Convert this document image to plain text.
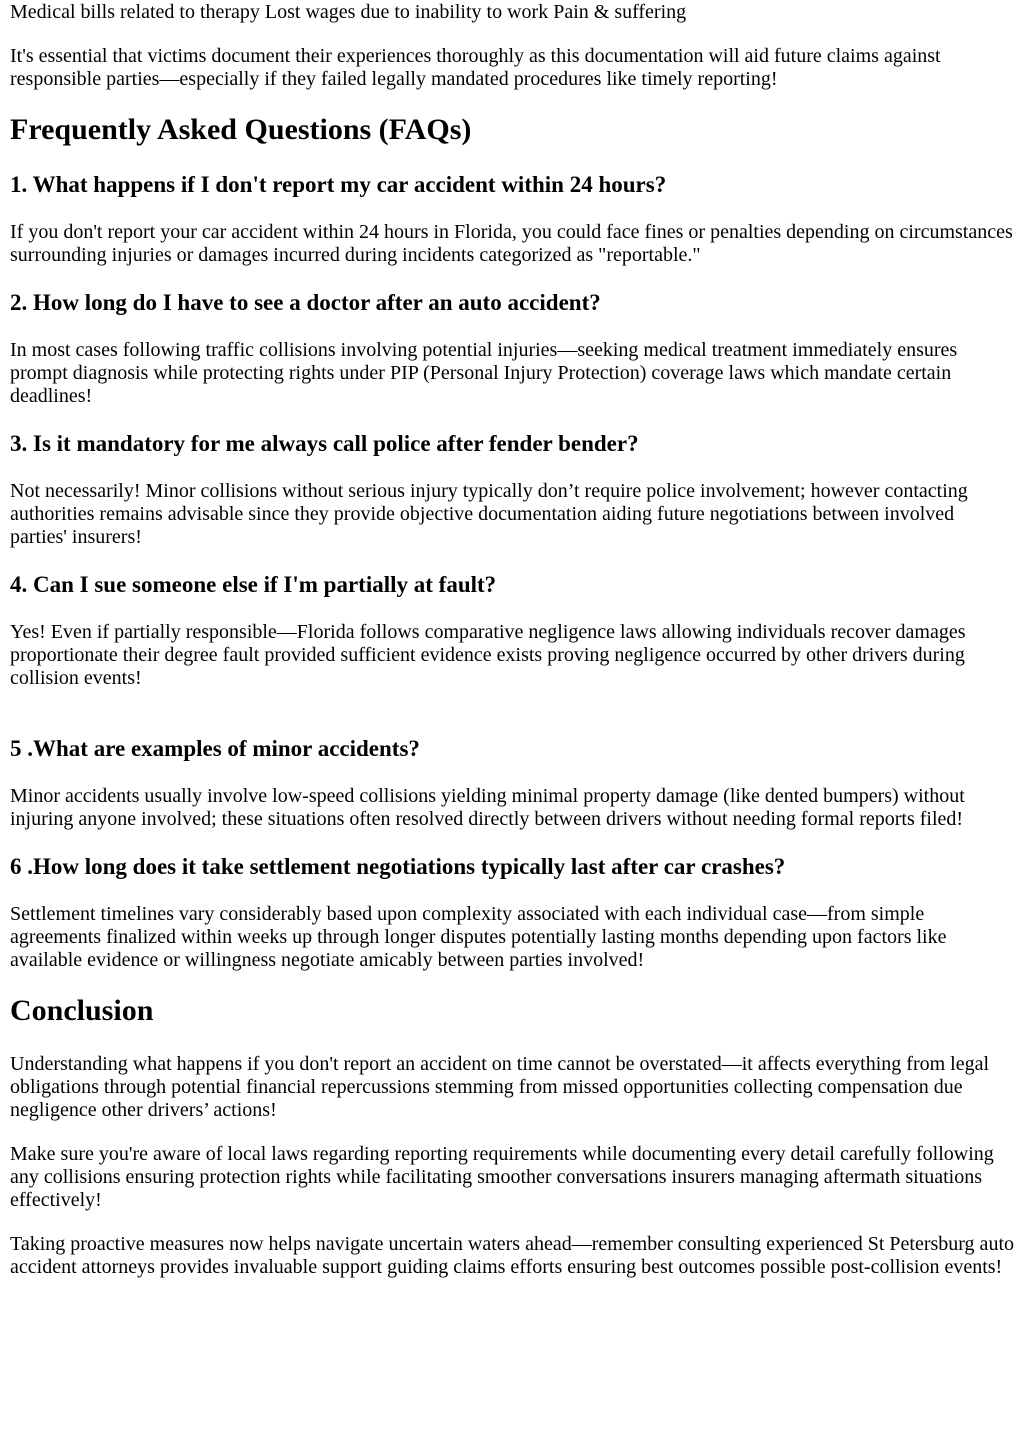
Medical bills related to therapy Lost wages due to inability to work Pain & suffering

It's essential that victims document their experiences thoroughly as this documentation will aid future claims against responsible parties—especially if they failed legally mandated procedures like timely reporting!

Frequently Asked Questions (FAQs)
1. What happens if I don't report my car accident within 24 hours?

If you don't report your car accident within 24 hours in Florida, you could face fines or penalties depending on circumstances surrounding injuries or damages incurred during incidents categorized as "reportable."

2. How long do I have to see a doctor after an auto accident?

In most cases following traffic collisions involving potential injuries—seeking medical treatment immediately ensures prompt diagnosis while protecting rights under PIP (Personal Injury Protection) coverage laws which mandate certain deadlines!

3. Is it mandatory for me always call police after fender bender?

Not necessarily! Minor collisions without serious injury typically don’t require police involvement; however contacting authorities remains advisable since they provide objective documentation aiding future negotiations between involved parties' insurers!

4. Can I sue someone else if I'm partially at fault?

Yes! Even if partially responsible—Florida follows comparative negligence laws allowing individuals recover damages proportionate their degree fault provided sufficient evidence exists proving negligence occurred by other drivers during collision events!

5 .What are examples of minor accidents?

Minor accidents usually involve low-speed collisions yielding minimal property damage (like dented bumpers) without injuring anyone involved; these situations often resolved directly between drivers without needing formal reports filed!

6 .How long does it take settlement negotiations typically last after car crashes?

Settlement timelines vary considerably based upon complexity associated with each individual case—from simple agreements finalized within weeks up through longer disputes potentially lasting months depending upon factors like available evidence or willingness negotiate amicably between parties involved!

Conclusion

Understanding what happens if you don't report an accident on time cannot be overstated—it affects everything from legal obligations through potential financial repercussions stemming from missed opportunities collecting compensation due negligence other drivers’ actions!

Make sure you're aware of local laws regarding reporting requirements while documenting every detail carefully following any collisions ensuring protection rights while facilitating smoother conversations insurers managing aftermath situations effectively!

Taking proactive measures now helps navigate uncertain waters ahead—remember consulting experienced St Petersburg auto accident attorneys provides invaluable support guiding claims efforts ensuring best outcomes possible post-collision events!
